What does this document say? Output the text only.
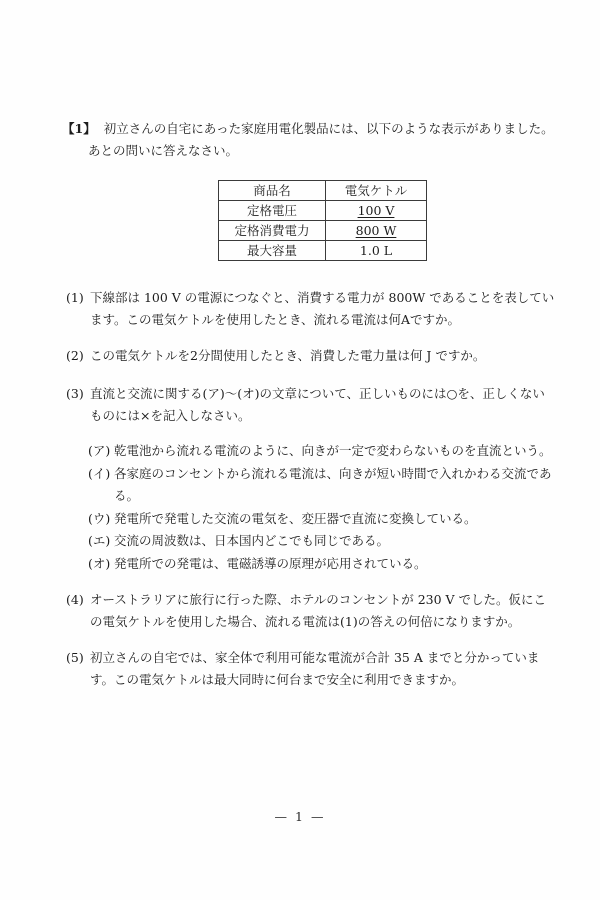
【1】 初立さんの自宅にあった家庭用電化製品には、以下のような表示がありました。あとの問いに答えなさい。
商品名	電気ケトル
定格電圧	100 V
定格消費電力	800 W
最大容量	1.0 L
(1) 下線部は 100 V の電源につなぐと、消費する電力が 800W であることを表しています。この電気ケトルを使用したとき、流れる電流は何Aですか。
(2) この電気ケトルを2分間使用したとき、消費した電力量は何 J ですか。
(3) 直流と交流に関する(ア)～(オ)の文章について、正しいものには○を、正しくないものには×を記入しなさい。
(ア) 乾電池から流れる電流のように、向きが一定で変わらないものを直流という。
(イ) 各家庭のコンセントから流れる電流は、向きが短い時間で入れかわる交流である。
(ウ) 発電所で発電した交流の電気を、変圧器で直流に変換している。
(エ) 交流の周波数は、日本国内どこでも同じである。
(オ) 発電所での発電は、電磁誘導の原理が応用されている。
(4) オーストラリアに旅行に行った際、ホテルのコンセントが 230 V でした。仮にこの電気ケトルを使用した場合、流れる電流は(1)の答えの何倍になりますか。
(5) 初立さんの自宅では、家全体で利用可能な電流が合計 35 A までと分かっています。この電気ケトルは最大同時に何台まで安全に利用できますか。
— 1 —
